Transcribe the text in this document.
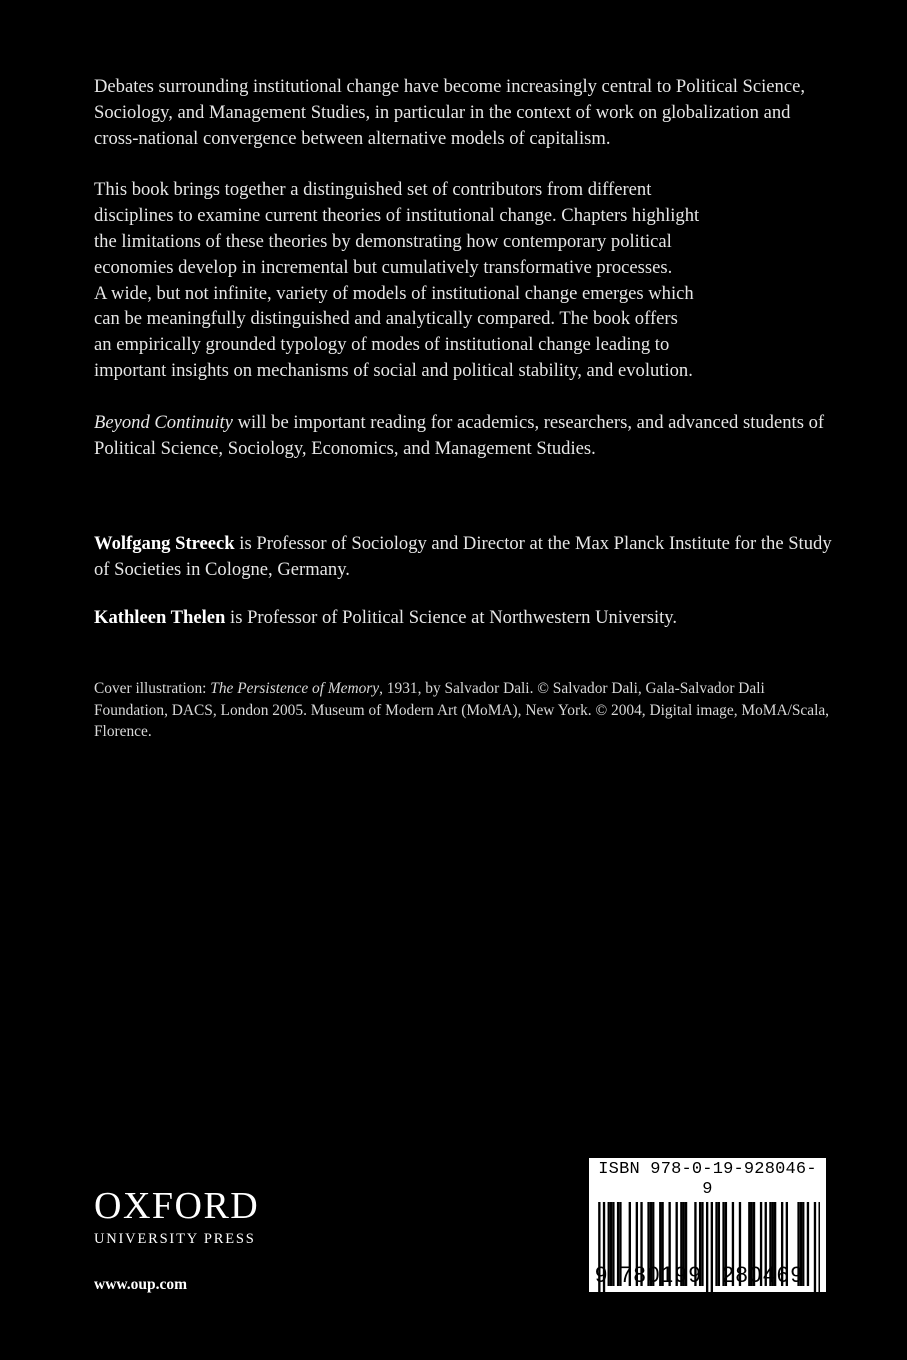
Debates surrounding institutional change have become increasingly central to Political Science, Sociology, and Management Studies, in particular in the context of work on globalization and cross-national convergence between alternative models of capitalism.

This book brings together a distinguished set of contributors from different
disciplines to examine current theories of institutional change. Chapters highlight
the limitations of these theories by demonstrating how contemporary political
economies develop in incremental but cumulatively transformative processes.
A wide, but not infinite, variety of models of institutional change emerges which
can be meaningfully distinguished and analytically compared. The book offers
an empirically grounded typology of modes of institutional change leading to
important insights on mechanisms of social and political stability, and evolution.

Beyond Continuity will be important reading for academics, researchers, and advanced students of Political Science, Sociology, Economics, and Management Studies.

Wolfgang Streeck is Professor of Sociology and Director at the Max Planck Institute for the Study of Societies in Cologne, Germany.

Kathleen Thelen is Professor of Political Science at Northwestern University.

Cover illustration: The Persistence of Memory, 1931, by Salvador Dali. © Salvador Dali, Gala-Salvador Dali Foundation, DACS, London 2005. Museum of Modern Art (MoMA), New York. © 2004, Digital image, MoMA/Scala, Florence.

OXFORD
UNIVERSITY PRESS
www.oup.com
ISBN 978-0-19-928046-9
9 780199 280469
